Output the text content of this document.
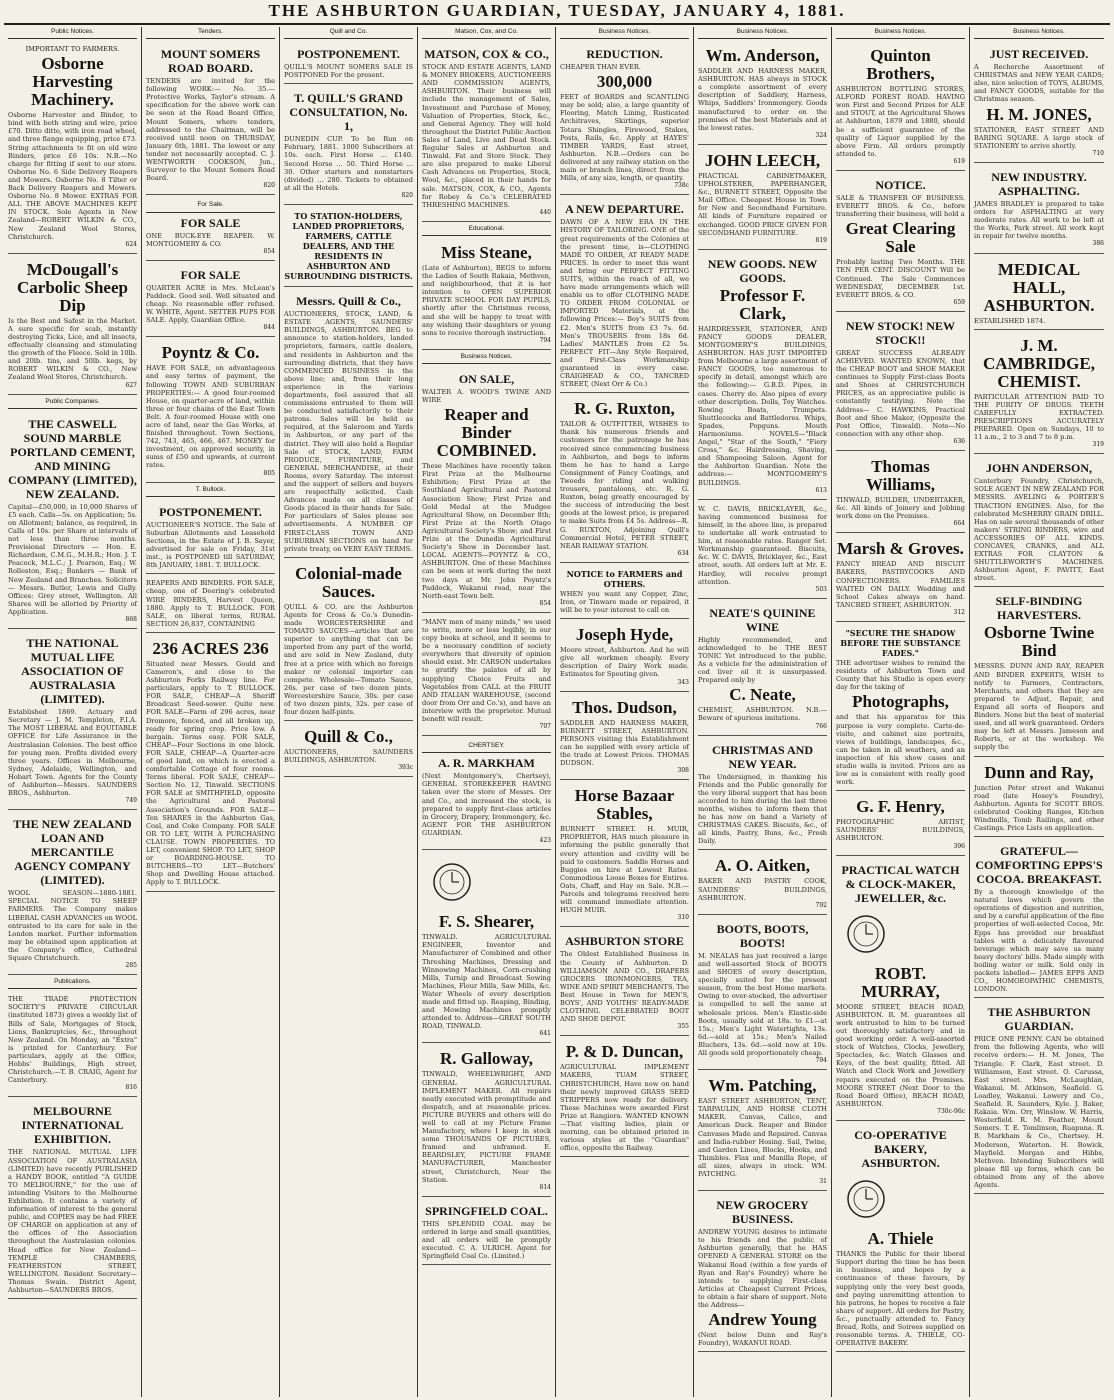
THE ASHBURTON GUARDIAN, TUESDAY, JANUARY 4, 1881.
Public Notices.
IMPORTANT TO FARMERS.
Osborne Harvesting Machinery.
Osborne Harvester and Binder, to bind with both string and wire, price £70. Ditto ditto, with iron road wheel, and three flange equipping, price £73. String attachments to fit on old wire Binders, price £6 10s. N.B.—No charge for fitting if sent to our store. Osborne No. 6 Side Delivery Reapers and Mowers. Osborne No. 8 Tilter or Back Delivery Reapers and Mowers. Osborne No. 8 Mower. EXTRAS FOR ALL THE ABOVE MACHINES KEPT IN STOCK. Sole Agents in New Zealand—ROBERT WILKIN & CO., New Zealand Wool Stores, Christchurch.
624
McDougall's Carbolic Sheep Dip
Is the Best and Safest in the Market. A sure specific for scab, instantly destroying Ticks, Lice, and all insects, effectually cleansing and stimulating the growth of the Fleece. Sold in 10lb. and 20lb. tins, and 50lb. kegs, by ROBERT WILKIN & CO., New Zealand Wool Stores, Christchurch.
627
Public Companies.
THE CASWELL SOUND MARBLE PORTLAND CEMENT, AND MINING COMPANY (LIMITED), NEW ZEALAND.
Capital—£50,000, in 10,000 Shares of £5 each. Calls—5s. on Application; 5s. on Allotment; balance, as required, in Calls of 10s. per Share at intervals of not less than three months. Provisional Directors — Hon. E. Richardson, C.M.G., M.H.R.; Hon. J. T. Peacock, M.L.C.; J. Pearson, Esq.; W. Rolleston, Esq.; Bankers — Bank of New Zealand and Branches. Solicitors — Messrs. Butler, Lewis and Gully. Offices: Grey street, Wellington. All Shares will be allotted by Priority of Application.
868
THE NATIONAL MUTUAL LIFE ASSOCIATION OF AUSTRALASIA (LIMITED).
Established 1869. Actuary and Secretary — J. M. Templeton, F.I.A. The MOST LIBERAL and EQUITABLE OFFICE for Life Assurance in the Australasian Colonies. The best office for young men. Profits divided every three years. Offices in Melbourne, Sydney, Adelaide, Wellington, and Hobart Town. Agents for the County of Ashburton—Messrs. SAUNDERS BROS., Ashburton.
749
THE NEW ZEALAND LOAN AND MERCANTILE AGENCY COMPANY (LIMITED).
WOOL SEASON—1880-1881. SPECIAL NOTICE TO SHEEP FARMERS. The Company makes LIBERAL CASH ADVANCES on WOOL entrusted to its care for sale in the London market. Further information may be obtained upon application at the Company's office, Cathedral Square Christchurch.
285
Publications.
THE TRADE PROTECTION SOCIETY'S PRIVATE CIRCULAR (instituted 1873) gives a weekly list of Bills of Sale, Mortgages of Stock, Liens, Bankruptcies, &c., throughout New Zealand. On Monday, an "Extra" is printed for Canterbury. For particulars, apply at the Office, Hobbs' Buildings, High street, Christchurch.—T. B. CRAIG, Agent for Canterbury.
816
MELBOURNE INTERNATIONAL EXHIBITION.
THE NATIONAL MUTUAL LIFE ASSOCIATION OF AUSTRALASIA (LIMITED) have recently PUBLISHED a HANDY BOOK, entitled "A GUIDE TO MELBOURNE," for the use of intending Visitors to the Melbourne Exhibition. It contains a variety of information of interest to the general public, and COPIES may be had FREE OF CHARGE on application at any of the offices of the Association throughout the Australasian colonies. Head office for New Zealand—TEMPLE CHAMBERS, FEATHERSTON STREET, WELLINGTON. Resident Secretary—Thomas Swain. District Agent, Ashburton—SAUNDERS BROS.
Tenders.
MOUNT SOMERS ROAD BOARD.
TENDERS are invited for the following WORK:— No. 35.—Protective Works, Taylor's stream. A specification for the above work can be seen at the Road Board Office, Mount Somers, where tenders, addressed to the Chairman, will be received until noon on THURSDAY, January 6th, 1881. The lowest or any tender not necessarily accepted. C. J. WENTWORTH COOKSON, Jun., Surveyor to the Mount Somers Road Board.
820
For Sale.
FOR SALE
ONE BUCK-EYE REAPER. W. MONTGOMERY & CO.
854
FOR SALE
QUARTER ACRE in Mrs. McLean's Paddock. Good soil. Well situated and cheap. No reasonable offer refused. W. WHITE, Agent. SETTER PUPS FOR SALE. Apply, Guardian Office.
844
Poyntz & Co.
HAVE FOR SALE, on advantageous and easy terms of payment, the following TOWN AND SUBURBAN PROPERTIES:— A good four-roomed House, on quarter-acre of land, within three or four chains of the East Town Belt. A four-roomed House with one acre of land, near the Gas Works, at finished throughout. Town Sections, 742, 743, 465, 466, 467. MONEY for investment, on approved security, in sums of £50 and upwards, at current rates.
805
T. Bullock.
POSTPONEMENT.
AUCTIONEER'S NOTICE. The Sale of Suburban Allotments and Leasehold Sections, in the Estate of J. B. Sayer, advertised for sale on Friday, 31st inst., is POSTPONED till SATURDAY, 8th JANUARY, 1881. T. BULLOCK.
REAPERS AND BINDERS. FOR SALE, cheap, one of Deering's celebrated WIRE BINDERS, Harvest Queen, 1880. Apply to T. BULLOCK. FOR SALE, on liberal terms, RURAL SECTION 26,837, CONTAINING
236 ACRES 236
Situated near Messrs. Gould and Cameron's, and close to the Ashburton Forks Railway line. For particulars, apply to T. BULLOCK. FOR SALE, CHEAP—A Sheriff Broadcast Seed-sower. Quite new. FOR SALE—Farm of 296 acres, near Dromore, fenced, and all broken up, ready for spring crop. Price low. A bargain. Terms easy. FOR SALE, CHEAP—Four Sections in one block. FOR SALE, CHEAP—A Quarter-acre of good land, on which is erected a comfortable Cottage of four rooms. Terms liberal. FOR SALE, CHEAP—Section No. 12, Tinwald. SECTIONS FOR SALE at SMITHFIELD, opposite the Agricultural and Pastoral Association's Grounds. FOR SALE—Ten SHARES in the Ashburton Gas, Coal, and Coke Company. FOR SALE OR TO LET, WITH A PURCHASING CLAUSE. TOWN PROPERTIES. TO LET, convenient SHOP. TO LET, SHOP or BOARDING-HOUSE. TO BUTCHERS—TO LET—Butchers' Shop and Dwelling House attached. Apply to T. BULLOCK.
Quill and Co.
POSTPONEMENT.
QUILL'S MOUNT SOMERS SALE IS POSTPONED For the present.
T. QUILL'S GRAND CONSULTATION, No. 1,
DUNEDIN CUP. To be Run on February, 1881. 1000 Subscribers at 10s. each. First Horse ... £140. Second Horse ... 50. Third Horse ... 30. Other starters and nonstarters (divided) ... 280. Tickets to obtained at all the Hotels.
820
TO STATION-HOLDERS, LANDED PROPRIETORS, FARMERS, CATTLE DEALERS, AND THE RESIDENTS IN ASHBURTON AND SURROUNDING DISTRICTS.
Messrs. Quill & Co.,
AUCTIONEERS, STOCK, LAND, & ESTATE AGENTS, SAUNDERS' BUILDINGS, ASHBURTON. BEG to announce to station-holders, landed proprietors, farmers, cattle dealers, and residents in Ashburton and the surrounding districts, that they have COMMENCED BUSINESS in the above line; and, from their long experience in the various departments, feel assured that all commissions entrusted to them will be conducted satisfactorily to their patrons. Sales will be held as required, at the Saleroom and Yards in Ashburton, or any part of the district. They will also hold a Regular Sale of STOCK, LAND, FARM PRODUCE, FURNITURE, and GENERAL MERCHANDISE, at their Rooms, every Saturday. The interest and the support of sellers and buyers are respectfully solicited. Cash Advances made on all classes of Goods placed in their hands for Sale. For particulars of Sales please see advertisements. A NUMBER OF FIRST-CLASS TOWN AND SUBURBAN SECTIONS on hand for private treaty, on VERY EASY TERMS.
Colonial-made Sauces.
QUILL & CO. are the Ashburton Agents for Cross & Co.'s Dunedin-made WORCESTERSHIRE and TOMATO SAUCES—articles that are superior to anything that can be imported from any part of the world, and are sold in New Zealand, duty free at a price with which no foreign maker or colonial importer can compete. Wholesale—Tomato Sauce, 26s. per case of two dozen pints. Worcestershire Sauce, 30s. per case of two dozen pints, 32s. per case of four dozen half-pints.
Quill & Co.,
AUCTIONEERS, SAUNDERS BUILDINGS, ASHBURTON.
393c
Matson, Cox, and Co.
MATSON, COX & CO.,
STOCK AND ESTATE AGENTS, LAND & MONEY BROKERS, AUCTIONEERS AND COMMISSION AGENTS, ASHBURTON. Their business will include the management of Sales, Investment and Purchase of Money, Valuation of Properties, Stock, &c., and General Agency. They will hold throughout the District Public Auction Sales of Land, Live and Dead Stock. Regular Sales at Ashburton and Tinwald. Fat and Store Stock. They are also prepared to make Liberal Cash Advances on Properties, Stock, Wool, &c., placed in their hands for sale. MATSON, COX, & CO., Agents for Robey & Co.'s CELEBRATED THRESHING MACHINES.
440
Educational.
Miss Steane,
(Late of Ashburton), BEGS to inform the Ladies of South Rakaia, Methven, and neighbourhood, that it is her intention to OPEN SUPERIOR PRIVATE SCHOOL FOR DAY PUPILS, shortly after the Christmas recess, and she will be happy to treat with any wishing their daughters or young sons to receive thorough instruction.
794
Business Notices.
ON SALE,
WALTER A. WOOD'S TWINE AND WIRE
Reaper and Binder COMBINED.
These Machines have recently taken First Prize at the Melbourne Exhibition; First Prize at the Southland Agricultural and Pastoral Association Show; First Prize and Gold Medal at the Mudgee Agricultural Show, on December 8th; First Prize at the North Otago Agricultural Society's Show; and First Prize at the Dunedin Agricultural Society's Show in December last. LOCAL AGENTS—POYNTZ & CO., ASHBURTON. One of these Machines can be seen at work during the next two days at Mr. John Poyntz's Paddock, Wakanui road, near the North-east Town belt.
854
"MANY men of many minds," we used to write, more or less legibly, in our copy books at school, and it seems to be a necessary condition of society everywhere that diversity of opinion should exist. Mr. CARSON undertakes to gratify the palates of all by supplying Choice Fruits and Vegetables from CALL at the FRUIT AND ITALIAN WAREHOUSE, (second door from Orr and Co.'s), and have an interview with the proprietor. Mutual benefit will result.
707
CHERTSEY.
A. R. MARKHAM
(Next Montgomery's, Chertsey), GENERAL STOREKEEPER HAVING taken over the store of Messrs. Orr and Co., and increased the stock, is prepared to supply first-class articles in Grocery, Drapery, Ironmongery, &c. AGENT FOR THE ASHBURTON GUARDIAN.
423
F. S. Shearer,
TINWALD. AGRICULTURAL ENGINEER, Inventor and Manufacturer of Combined and other Threshing Machines, Dressing and Winnowing Machines, Corn-crushing Mills, Turnip and Broadcast Sowing Machines, Flour Mills, Saw Mills, &c. Water Wheels of every description made and fitted up. Reaping, Binding, and Mowing Machines promptly attended to. Address—GREAT SOUTH ROAD, TINWALD.
641
R. Galloway,
TINWALD, WHEELWRIGHT, AND GENERAL AGRICULTURAL IMPLEMENT MAKER. All repairs neatly executed with promptitude and despatch, and at reasonable prices. PICTURE BUYERS and others will do well to call at my Picture Frame Manufactory, where I keep in stock some THOUSANDS OF PICTURES, framed and unframed. E. BEARDSLEY, PICTURE FRAME MANUFACTURER, Manchester street, Christchurch, Near the Station.
814
SPRINGFIELD COAL.
THIS SPLENDID COAL may be ordered in large and small quantities, and all orders will be promptly executed. C. A. ULRICH. Agent for Springfield Coal Co. (Limited.)
Business Notices.
REDUCTION.
CHEAPER THAN EVER.
300,000
FEET of BOARDS and SCANTLING may be sold; also, a large quantity of Flooring, Match Lining, Rusticated Architraves, Skirtings, superior Totara Shingles, Firewood, Stakes, Posts, Rails, &c. Apply at HAYES' TIMBER YARDS, East street, Ashburton. N.B.—Orders can be delivered at any railway station on the main or branch lines, direct from the Mills, of any size, length, or quantity.
738c
A NEW DEPARTURE.
DAWN OF A NEW ERA IN THE HISTORY OF TAILORING. ONE of the great requirements of the Colonies at the present time, is—CLOTHING MADE TO ORDER, AT READY MADE PRICES. In order to meet this want and bring our PERFECT FITTING SUITS, within the reach of all, we have made arrangements which will enable us to offer CLOTHING MADE TO ORDER FROM COLONIAL or IMPORTED Materials, at the following Prices:— Boy's SUITS from £2. Men's SUITS from £3 7s. 6d. Men's TROUSERS from 18s 6d. Ladies' MANTLES from £2 5s. PERFECT FIT—Any Style Required, and First-Class Workmanship guaranteed in every case. CRAIGHEAD & CO., TANCRED STREET, (Next Orr & Co.)
R. G. Ruxton,
TAILOR & OUTFITTER, WISHES to thank his numerous friends and customers for the patronage he has received since commencing business in Ashburton, and begs to inform them he has to hand a Large Consignment of Fancy Coatings, and Tweeds for riding and walking trousers, pantaloons, etc. R. G. Ruxton, being greatly encouraged by the success of introducing the best goods at the lowest price, is prepared to make Suits from £4 5s. Address—R. G. RUXTON, Adjoining Quill's Commercial Hotel, PETER STREET, NEAR RAILWAY STATION.
634
NOTICE to FARMERS and OTHERS.
WHEN you want any Copper, Zinc, Iron, or Tinware made or repaired, it will be to your interest to call on
Joseph Hyde,
Moore street, Ashburton. And he will give all workmen cheaply. Every description of Dairy Work made. Estimates for Spouting given.
343
Thos. Dudson,
SADDLER AND HARNESS MAKER, BURNETT STREET, ASHBURTON. PERSONS visiting this Establishment can be supplied with every article of the trade at Lowest Prices. THOMAS DUDSON.
308
Horse Bazaar Stables,
BURNETT STREET. H. MUIR, PROPRIETOR, HAS much pleasure in informing the public generally that every attention and civility will be paid to customers. Saddle Horses and Buggies on hire at Lowest Rates. Commodious Loose Boxes for Entires. Oats, Chaff, and Hay on Sale. N.B.—Parcels and telegrams received here will command immediate attention. HUGH MUIR.
310
ASHBURTON STORE
The Oldest Established Business in the County of Ashburton. D. WILLIAMSON AND CO., DRAPERS GROCERS IRONMONGERS, TEA, WINE AND SPIRIT MERCHANTS. The Best House in Town for MEN'S, BOYS', AND YOUTHS' READY-MADE CLOTHING. CELEBRATED BOOT AND SHOE DEPOT.
355
P. & D. Duncan,
AGRICULTURAL IMPLEMENT MAKERS, TUAM STREET, CHRISTCHURCH, Have now on hand their newly improved GRASS SEED STRIPPERS now ready for delivery. These Machines were awarded First Prize at Rangiora. WANTED KNOWN—That visiting ladies, plain or morning, can be obtained printed in various styles at the "Guardian" office, opposite the Railway.
Business Notices.
Wm. Anderson,
SADDLER AND HARNESS MAKER, ASHBURTON. HAS always in STOCK a complete assortment of every description of Saddlery, Harness, Whips, Saddlers' Ironmongery. Goods manufactured to order on the premises of the best Materials and at the lowest rates.
324
JOHN LEECH,
PRACTICAL CABINETMAKER, UPHOLSTERER, PAPERHANGER, &c., BURNETT STREET, Opposite the Mail Office. Cheapest House in Town for New and Secondhand Furniture. All kinds of Furniture repaired or exchanged. GOOD PRICE GIVEN FOR SECONDHAND FURNITURE.
819
NEW GOODS. NEW GOODS.
Professor F. Clark,
HAIRDRESSER, STATIONER, AND FANCY GOODS DEALER, MONTGOMERY'S BUILDINGS, ASHBURTON. HAS JUST IMPORTED from Melbourne a large assortment of FANCY GOODS, too numerous to specify in detail, amongst which are the following:— G.B.D. Pipes, in cases. Cherry do. Also pipes of every other description. Dolls, Toy Watches. Rowing Boats, Trumpets. Shuttlecocks and Battledores. Whips, Spades, Popguns. Mouth Harmoniums. NOVELS—"Black Angel," "Star of the South," "Fiery Cross," &c. Hairdressing, Shaving, and Shampooing Saloon. Agent for the Ashburton Guardian. Note the address:— MONTGOMERY'S BUILDINGS.
613
W. C. DAVIS, BRICKLAYER, &c., having commenced business for himself, in the above line, is prepared to undertake all work entrusted to him, at reasonable rates. Ranger Set. Workmanship guaranteed. Biscuits, &c. W. C. DAVIS, Bricklayer, &c., East street, south. All orders left at Mr. E. Hardley, will receive prompt attention.
503
NEATE'S QUININE WINE
Highly recommended, and acknowledged to be THE BEST TONIC Yet introduced to the public. As a vehicle for the administration of cod liver oil it is unsurpassed. Prepared only by
C. Neate,
CHEMIST, ASHBURTON. N.B.—Beware of spurious imitations.
766
CHRISTMAS AND NEW YEAR.
The Undersigned, in thanking his Friends and the Public generally for the very liberal support that has been accorded to him during the last three months, wishes to inform them that he has now on hand a Variety of CHRISTMAS CAKES. Biscuits, &c., of all kinds, Pastry, Buns, &c., Fresh Daily.
A. O. Aitken,
BAKER AND PASTRY COOK, SAUNDERS' BUILDINGS, ASHBURTON.
792
BOOTS, BOOTS, BOOTS!
M. NEALAS has just received a large and well-assorted Stock of BOOTS and SHOES of every description, specially suited for the present season, from the best Home markets. Owing to over-stocked, the advertiser is compelled to sell the same at wholesale prices. Men's Elastic-side Boots, usually sold at 18s. to £1—at 15s.; Men's Light Watertights, 13s. 6d.—sold at 15s.; Men's Nailed Bluchers, 13s. 6d.—sold now at 10s. All goods sold proportionately cheap.
794
Wm. Patching,
EAST STREET ASHBURTON, TENT, TARPAULIN, AND HORSE CLOTH MAKER. Canvas, Calico, and American Duck. Reaper and Binder Canvases Made and Repaired. Canvas and India-rubber Hosing. Sail, Twine, and Garden Lines, Blocks, Hooks, and Thimbles. Flax and Manilla Rope, of all sizes, always in stock. WM. PATCHING.
31
NEW GROCERY BUSINESS.
ANDREW YOUNG desires to intimate to his friends and the public of Ashburton generally, that he HAS OPENED A GENERAL STORE on the Wakanui Road (within a few yards of Ryan and Ray's Foundry) where he intends to supplying First-class Articles at Cheapest Current Prices, to obtain a fair share of support. Note the Address—
Andrew Young
(Next below Dunn and Ray's Foundry), WAKANUI ROAD.
Business Notices.
Quinton Brothers,
ASHBURTON BOTTLING STORES, ALFORD FOREST ROAD. HAVING won First and Second Prizes for ALE and STOUT, at the Agricultural Shows at Ashburton, 1879 and 1880, should be a sufficient guarantee of the quality of Liquor supplied by the above Firm. All orders promptly attended to.
619
NOTICE.
SALE & TRANSFER OF BUSINESS. EVERETT BROS. & Co., before transferring their business, will hold a
Great Clearing Sale
Probably lasting Two Months. THE TEN PER CENT. DISCOUNT Will be Continued. The Sale Commences WEDNESDAY, DECEMBER 1st. EVERETT BROS. & CO.
659
NEW STOCK! NEW STOCK!!
GREAT SUCCESS ALREADY ACHIEVED. WANTED KNOWN, that the CHEAP BOOT and SHOE MAKER continues to Supply First-class Boots and Shoes at CHRISTCHURCH PRICES, as an appreciative public is constantly testifying. Note the Address— C. HAWKINS, Practical Boot and Shoe Maker, (Opposite the Post Office, Tinwald). Note—No connection with any other shop.
636
Thomas Williams,
TINWALD, BUILDER, UNDERTAKER, &c. All kinds of Joinery and Jobbing work done on the Premises.
664
Marsh & Groves.
FANCY BREAD AND BISCUIT BAKERS, PASTRYCOOKS AND CONFECTIONERS. FAMILIES WAITED ON DAILY. Wedding and School Cakes always on hand. TANCRED STREET, ASHBURTON.
312
"SECURE THE SHADOW BEFORE THE SUBSTANCE FADES."
THE advertiser wishes to remind the residents of Ashburton Town and County that his Studio is open every day for the taking of
Photographs,
and that his apparatus for this purpose is very complete. Carte-de-visite, and cabinet size portraits, views of buildings, landscapes, &c., can be taken in all weathers, and an inspection of his show cases and studio walls is invited. Prices are as low as is consistent with really good work.
G. F. Henry,
PHOTOGRAPHIC ARTIST, SAUNDERS' BUILDINGS, ASHBURTON.
396
PRACTICAL WATCH & CLOCK-MAKER, JEWELLER, &c.
ROBT. MURRAY,
MOORE STREET, BEACH ROAD, ASHBURTON. R. M. guarantees all work entrusted to him to be turned out thoroughly satisfactory and in good working order. A well-assorted stock of Watches, Clocks, Jewellery, Spectacles, &c. Watch Glasses and Keys, of the best quality, fitted. All Watch and Clock Work and Jewellery repairs executed on the Premises. MOORE STREET (Next Door to the Road Board Office), BEACH ROAD, ASHBURTON.
730c-96c
CO-OPERATIVE BAKERY, ASHBURTON.
A. Thiele
THANKS the Public for their liberal Support during the time he has been in business, and hopes by a continuance of these favours, by supplying only the very best goods, and paying unremitting attention to his patrons, he hopes to receive a fair share of support. All orders for Pastry, &c., punctually attended to. Fancy Bread, Rolls, and Soirees supplied on reasonable terms. A. THIELE, CO-OPERATIVE BAKERY.
Business Notices.
JUST RECEIVED.
A Recherche Assortment of CHRISTMAS and NEW YEAR CARDS; also, nice selection of TOYS, ALBUMS, and FANCY GOODS, suitable for the Christmas season.
H. M. JONES,
STATIONER, EAST STREET AND BARING SQUARE. A large stock of STATIONERY to arrive shortly.
710
NEW INDUSTRY. ASPHALTING.
JAMES BRADLEY is prepared to take orders for ASPHALTING at very moderate rates. All work to be left at the Works, Park street. All work kept in repair for twelve months.
386
MEDICAL HALL, ASHBURTON.
ESTABLISHED 1874.
J. M. CAMBRIDGE, CHEMIST.
PARTICULAR ATTENTION PAID TO THE PURITY OF DRUGS. TEETH CAREFULLY EXTRACTED. PRESCRIPTIONS ACCURATELY PREPARED. Open on Sundays, 10 to 11 a.m., 2 to 3 and 7 to 8 p.m.
319
JOHN ANDERSON,
Canterbury Foundry, Christchurch, SOLE AGENT IN NEW ZEALAND FOR MESSRS. AVELING & PORTER'S TRACTION ENGINES. Also, for the celebrated McSHERRY GRAIN DRILL. Has on sale several thousands of other makers' STRING BINDERS, wire and ACCESSORIES OF ALL KINDS. CONCAVES, CRANKS, and ALL EXTRAS FOR CLAYTON & SHUTTLEWORTH'S MACHINES. Ashburton Agent, F. PAVITT, East street.
SELF-BINDING HARVESTERS.
Osborne Twine Bind
MESSRS. DUNN AND RAY, REAPER AND BINDER EXPERTS, WISH to notify to Farmers, Contractors, Merchants, and others that they are prepared to Adjust, Repair, and Expand all sorts of Reapers and Binders. None but the best of material used, and all work guaranteed. Orders may be left at Messrs. Jameson and Roberts, or at the workshop. We supply the
Dunn and Ray,
Junction Peter street and Wakanui road (late Hosey's Foundry), Ashburton. Agents for SCOTT BROS. celebrated Cooking Ranges, Kitchen Windmills, Tomb Railings, and other Castings. Price Lists on application.
GRATEFUL—COMFORTING EPPS'S COCOA. BREAKFAST.
By a thorough knowledge of the natural laws which govern the operations of digestion and nutrition, and by a careful application of the fine properties of well-selected Cocoa, Mr. Epps has provided our breakfast tables with a delicately flavoured beverage which may save us many heavy doctors' bills. Made simply with boiling water or milk. Sold only in packets labelled— JAMES EPPS AND CO., HOMOEOPATHIC CHEMISTS, LONDON.
THE ASHBURTON GUARDIAN.
PRICE ONE PENNY. CAN be obtained from the following Agents, who will receive orders:— H. M. Jones, The Triangle. F. Clark, East street. D. Williamson, East street. O. Carussa, East street. Mrs. McLaughlan, Wakanui. M. Atkinson, Seafield. G. Loadley, Wakanui. Lowery and Co., Seafield. R. Saunders, Kyle. J. Baker, Rakaia. Wm. Orr, Winslow. W. Harris, Westerfield. R. M. Feather, Mount Somers. T. E. Tomlinson, Ruapuna. R. B. Markham & Co., Chertsey. H. Moderson, Waterton. H. Bowick, Mayfield. Morgan and Hibbs, Methven. Intending Subscribers will please fill up forms, which can be obtained from any of the above Agents.
